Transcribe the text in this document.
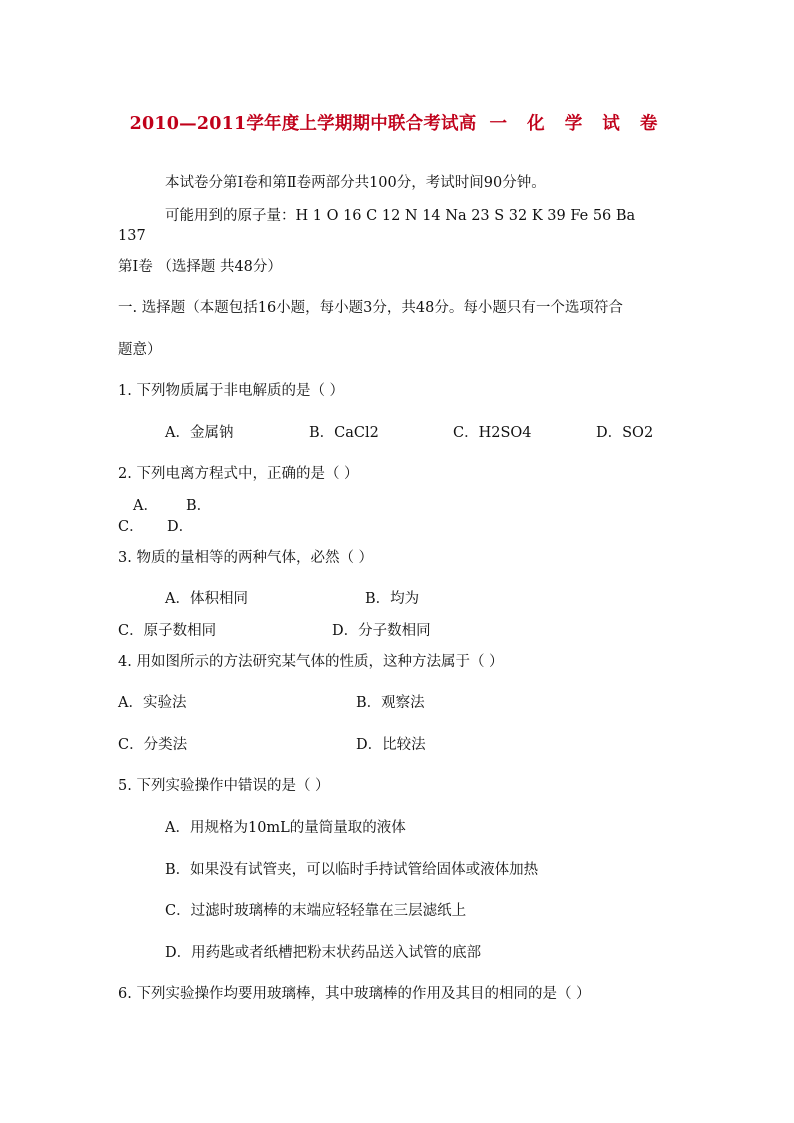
2010—2011学年度上学期期中联合考试高 一 化 学 试 卷
本试卷分第Ⅰ卷和第Ⅱ卷两部分共100分，考试时间90分钟。
可能用到的原子量：H 1 O 16 C 12 N 14 Na 23 S 32 K 39 Fe 56 Ba
137
第Ⅰ卷 （选择题 共48分）
一. 选择题（本题包括16小题，每小题3分，共48分。每小题只有一个选项符合
题意）
1. 下列物质属于非电解质的是（ ）
A．金属钠	B．CaCl2	C．H2SO4	D．SO2
2. 下列电离方程式中，正确的是（ ）
A． B．
C． D．
3. 物质的量相等的两种气体，必然（ ）
A．体积相同	B．均为
C．原子数相同	D．分子数相同
4. 用如图所示的方法研究某气体的性质，这种方法属于（ ）
A．实验法	B．观察法
C．分类法	D．比较法
5. 下列实验操作中错误的是（ ）
A．用规格为10mL的量筒量取的液体
B．如果没有试管夹，可以临时手持试管给固体或液体加热
C．过滤时玻璃棒的末端应轻轻靠在三层滤纸上
D．用药匙或者纸槽把粉末状药品送入试管的底部
6. 下列实验操作均要用玻璃棒，其中玻璃棒的作用及其目的相同的是（ ）
